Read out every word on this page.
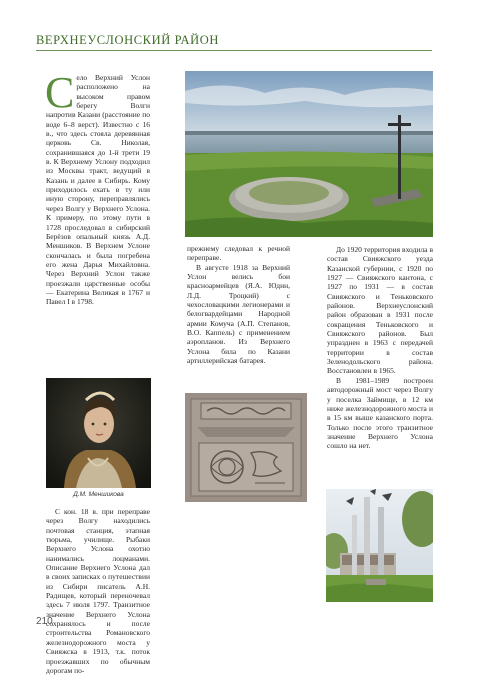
ВЕРХНЕУСЛОНСКИЙ РАЙОН

Село Верхний Услон расположено на высоком правом берегу Волги напротив Казани (расстояние по воде 6–8 верст). Известно с 16 в., что здесь стояла деревянная церковь Св. Николая, сохранившаяся до 1-й трети 19 в. К Верхнему Услону подходил из Москвы тракт, ведущий в Казань и далее в Сибирь. Кому приходилось ехать в ту или иную сторону, переправлялись через Волгу у Верхнего Услона. К примеру, по этому пути в 1728 проследовал в сибирский Берёзов опальный князь А.Д. Меншиков. В Верхнем Услоне скончалась и была погребена его жена Дарья Михайловна. Через Верхний Услон также проезжали царственные особы — Екатерина Великая в 1767 и Павел I в 1798.

Д.М. Меншикова

С кон. 18 в. при переправе через Волгу находились почтовая станция, этапная тюрьма, училище. Рыбаки Верхнего Услона охотно нанимались лоцманами. Описание Верхнего Услона дал в своих записках о путешествии из Сибири писатель А.Н. Радищев, который переночевал здесь 7 июля 1797. Транзитное значение Верхнего Услона сохранялось и после строительства Романовского железнодорожного моста у Свияжска в 1913, т.к. поток проезжавших по обычным дорогам по-

прежнему следовал к речной переправе.

В августе 1918 за Верхний Услон велись бои красноармейцев (Я.А. Юдин, Л.Д. Троцкий) с чехословацкими легионерами и белогвардейцами Народной армии Комуча (А.П. Степанов, В.О. Каппель) с применением аэропланов. Из Верхнего Услона била по Казани артиллерийская батарея.

До 1920 территория входила в состав Свияжского уезда Казанской губернии, с 1920 по 1927 — Свияжского кантона, с 1927 по 1931 — в состав Свияжского и Теньковского районов. Верхнеуслонский район образован в 1931 после сокращения Теньковского и Свияжского районов. Был упразднен в 1963 с передачей территории в состав Зеленодольского района. Восстановлен в 1965.

В 1981–1989 построен автодорожный мост через Волгу у поселка Займище, в 12 км ниже железнодорожного моста и в 15 км выше казанского порта. Только после этого транзитное значение Верхнего Услона сошло на нет.

210
